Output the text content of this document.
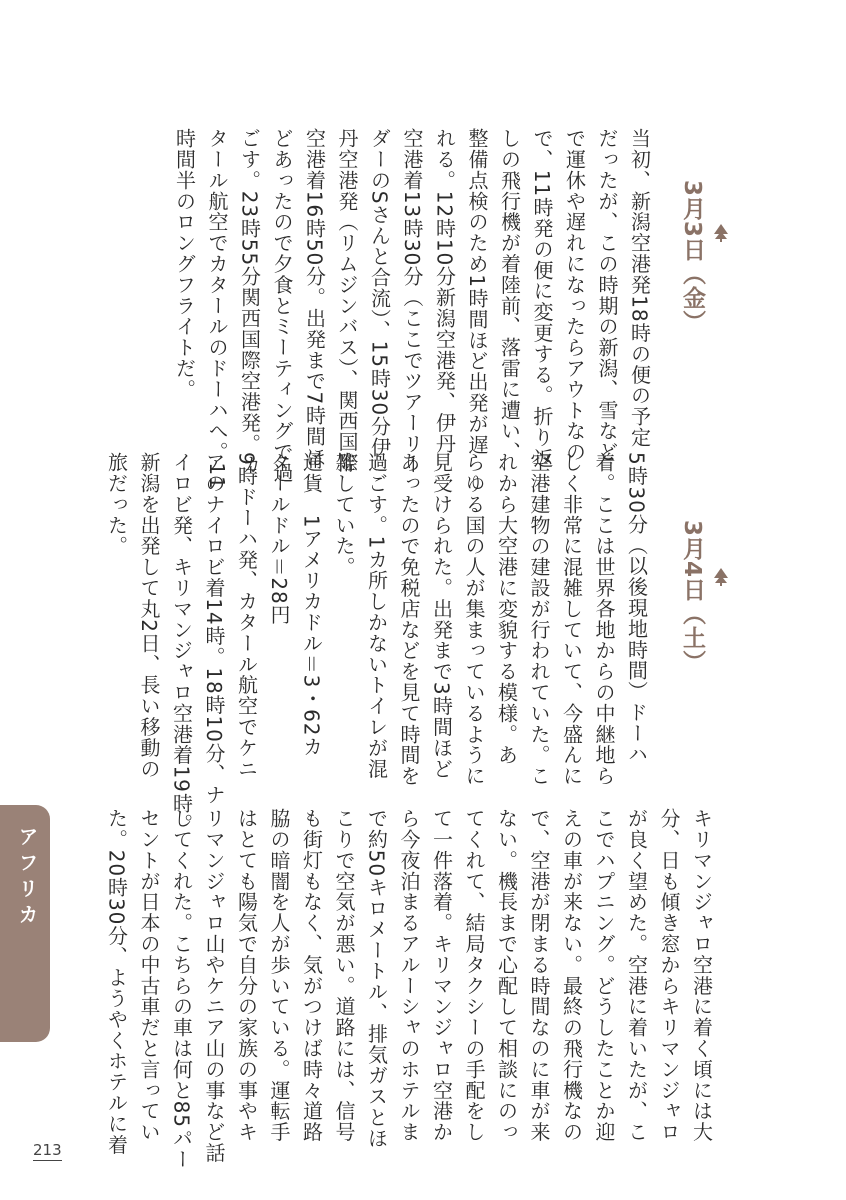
3月3日（金）
3月4日（土）
当初、新潟空港発18時の便の予定
だったが、この時期の新潟、雪など
で運休や遅れになったらアウトなの
で、11時発の便に変更する。折り返
しの飛行機が着陸前、落雷に遭い、
整備点検のため1時間ほど出発が遅
れる。12時10分新潟空港発、伊丹
空港着13時30分（ここでツアーリー
ダーのSさんと合流）、15時30分伊
丹空港発（リムジンバス）、関西国際
空港着16時50分。出発まで7時間ほ
どあったので夕食とミーティングで過
ごす。23時55分関西国際空港発。カ
タール航空でカタールのドーハへ。11
時間半のロングフライトだ。
5時30分（以後現地時間）ドーハ
着。ここは世界各地からの中継地ら
しく非常に混雑していて、今盛んに
空港建物の建設が行われていた。こ
れから大空港に変貌する模様。あ
らゆる国の人が集まっているように
見受けられた。出発まで3時間ほど
あったので免税店などを見て時間を
過ごす。1カ所しかないトイレが混
雑していた。
通貨　1アメリカドル＝3・62カ
タールドル＝28円
9時ドーハ発、カタール航空でケニ
アのナイロビ着14時。18時10分、ナ
イロビ発、キリマンジャロ空港着19時。
新潟を出発して丸2日、長い移動の
旅だった。
キリマンジャロ空港に着く頃には大
分、日も傾き窓からキリマンジャロ
が良く望めた。空港に着いたが、こ
こでハプニング。どうしたことか迎
えの車が来ない。最終の飛行機なの
で、空港が閉まる時間なのに車が来
ない。機長まで心配して相談にのっ
てくれて、結局タクシーの手配をし
て一件落着。キリマンジャロ空港か
ら今夜泊まるアルーシャのホテルま
で約50キロメートル、排気ガスとほ
こりで空気が悪い。道路には、信号
も街灯もなく、気がつけば時々道路
脇の暗闇を人が歩いている。運転手
はとても陽気で自分の家族の事やキ
リマンジャロ山やケニア山の事など話
してくれた。こちらの車は何と85パー
セントが日本の中古車だと言ってい
た。20時30分、ようやくホテルに着
アフリカ
213
